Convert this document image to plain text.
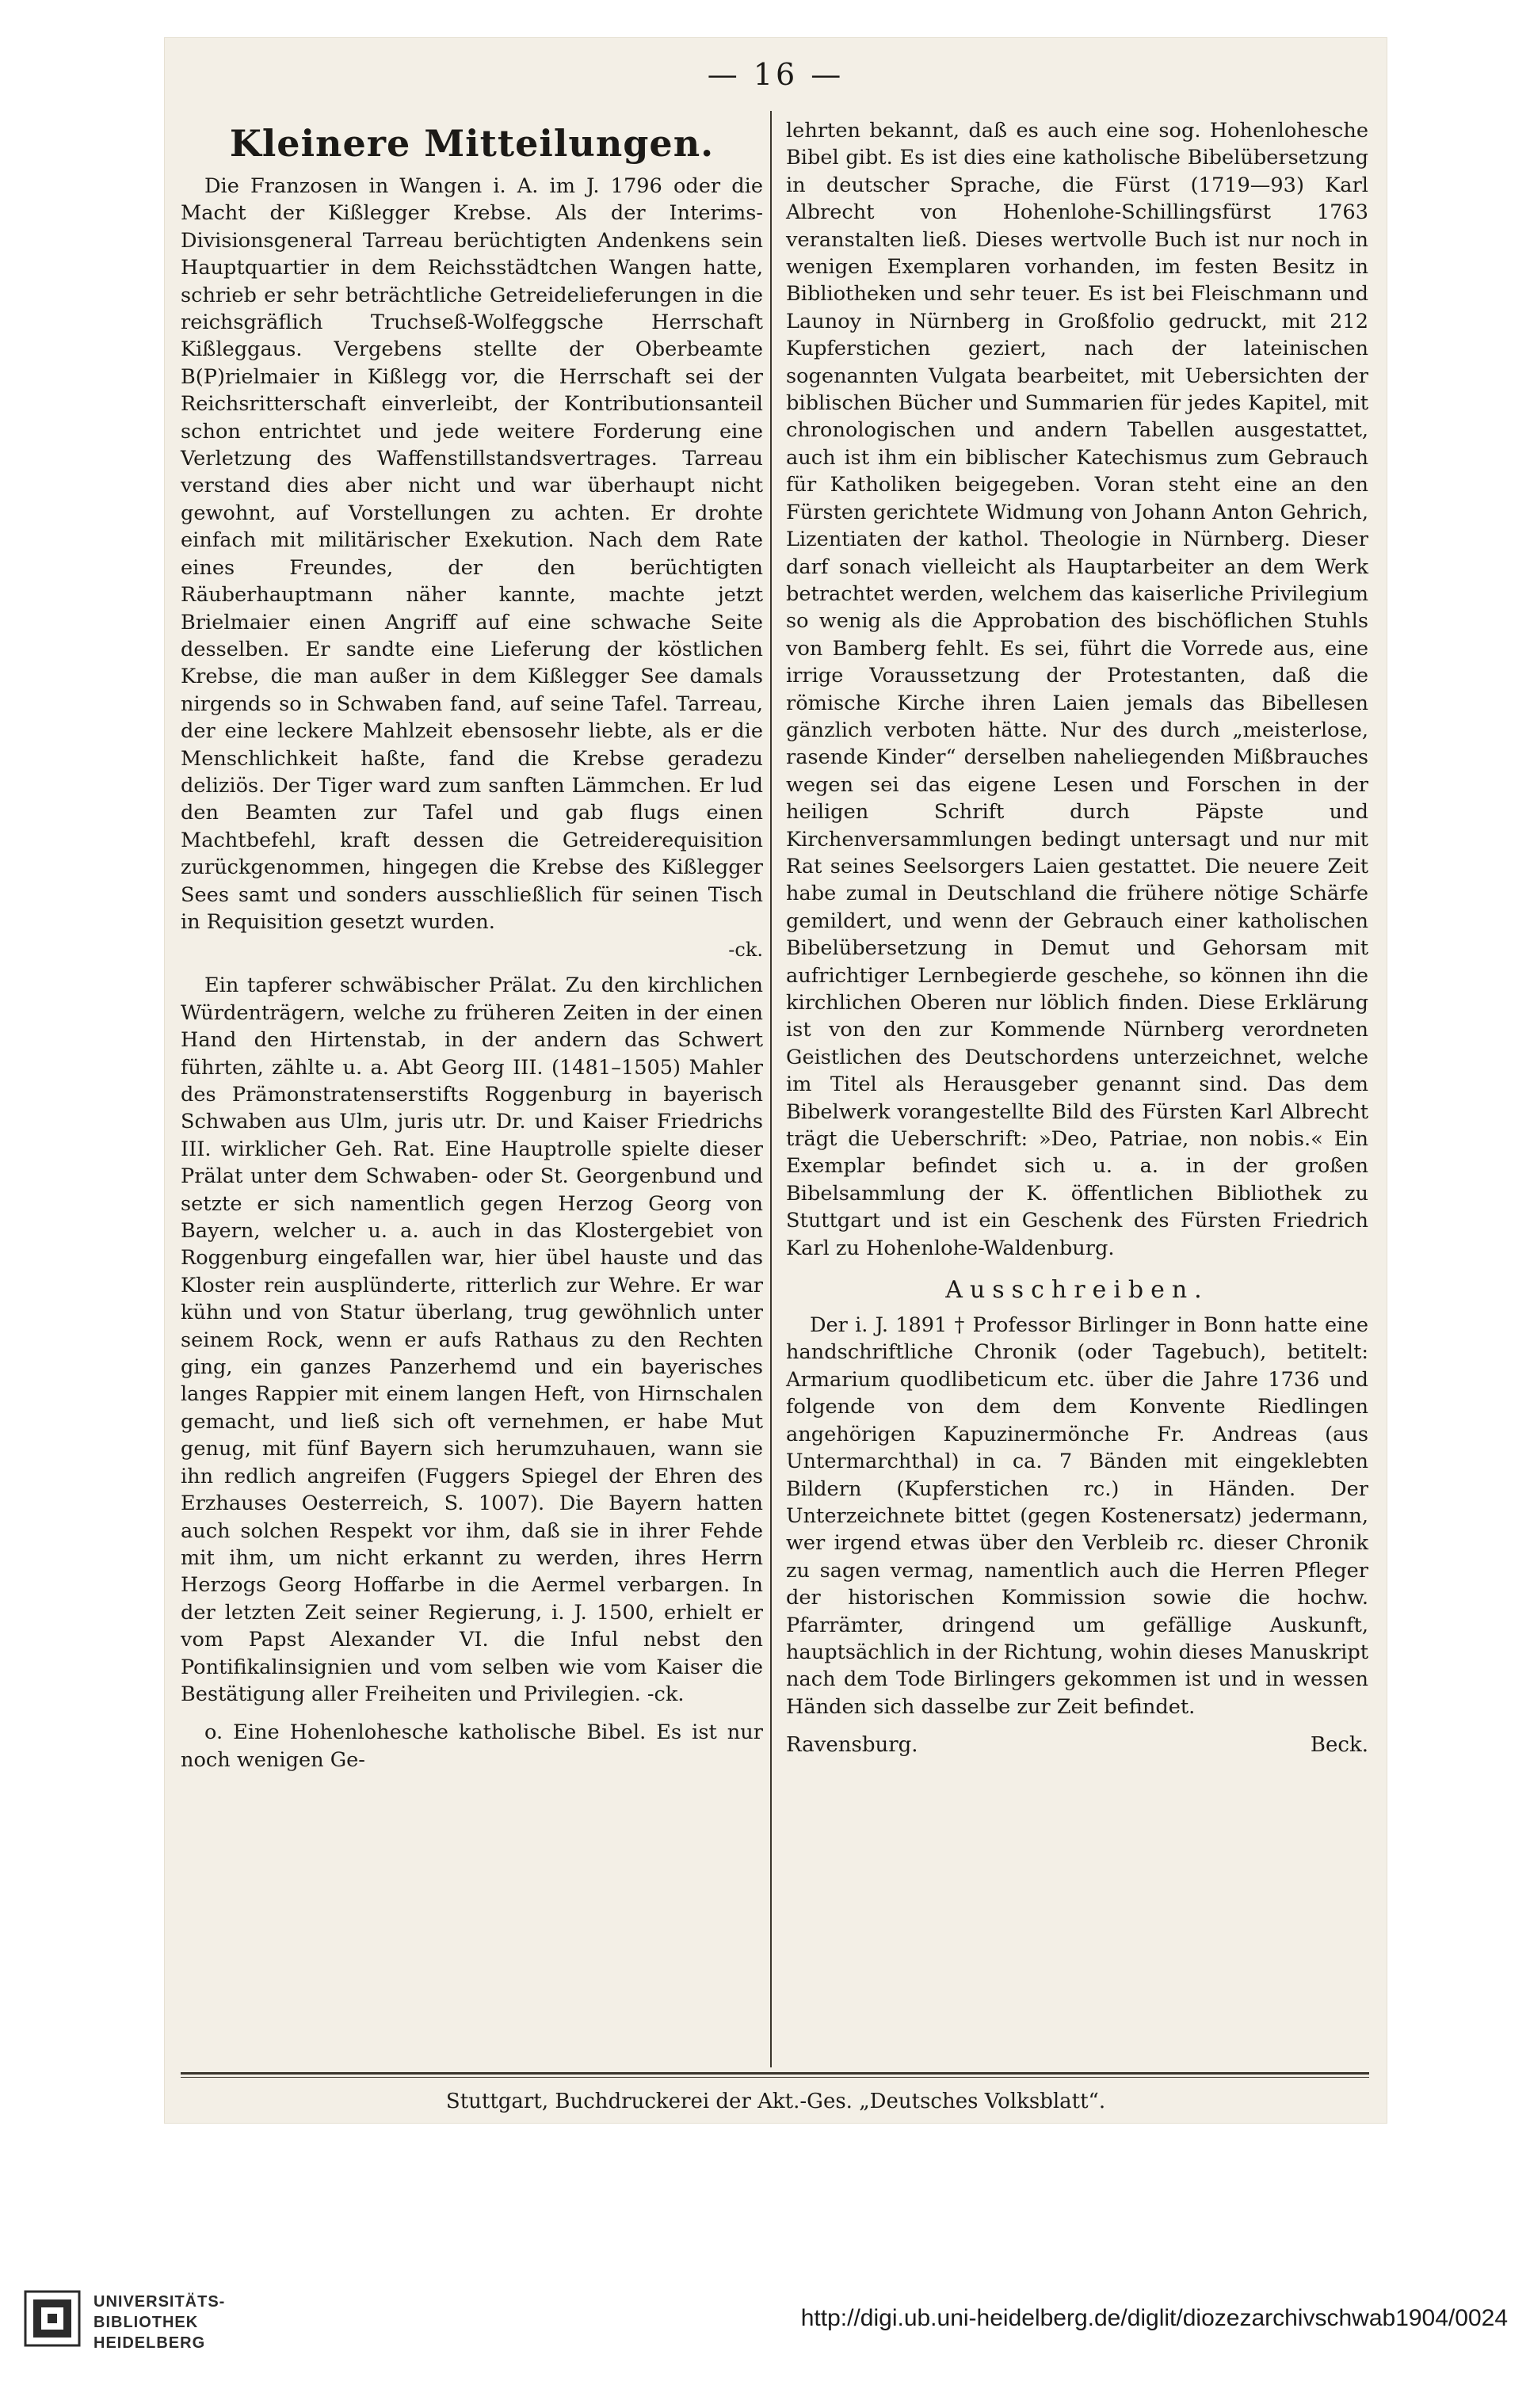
— 16 —
Kleinere Mitteilungen.

Die Franzosen in Wangen i. A. im J. 1796 oder die Macht der Kißlegger Krebse. Als der Interims-Divisionsgeneral Tarreau berüchtigten Andenkens sein Hauptquartier in dem Reichsstädtchen Wangen hatte, schrieb er sehr beträchtliche Getreidelieferungen in die reichsgräflich Truchseß-Wolfeggsche Herrschaft Kißleggaus. Vergebens stellte der Oberbeamte B(P)rielmaier in Kißlegg vor, die Herrschaft sei der Reichsritterschaft einverleibt, der Kontributionsanteil schon entrichtet und jede weitere Forderung eine Verletzung des Waffenstillstandsvertrages. Tarreau verstand dies aber nicht und war überhaupt nicht gewohnt, auf Vorstellungen zu achten. Er drohte einfach mit militärischer Exekution. Nach dem Rate eines Freundes, der den berüchtigten Räuberhauptmann näher kannte, machte jetzt Brielmaier einen Angriff auf eine schwache Seite desselben. Er sandte eine Lieferung der köstlichen Krebse, die man außer in dem Kißlegger See damals nirgends so in Schwaben fand, auf seine Tafel. Tarreau, der eine leckere Mahlzeit ebensosehr liebte, als er die Menschlichkeit haßte, fand die Krebse geradezu deliziös. Der Tiger ward zum sanften Lämmchen. Er lud den Beamten zur Tafel und gab flugs einen Machtbefehl, kraft dessen die Getreiderequisition zurückgenommen, hingegen die Krebse des Kißlegger Sees samt und sonders ausschließlich für seinen Tisch in Requisition gesetzt wurden.

-ck.

Ein tapferer schwäbischer Prälat. Zu den kirchlichen Würdenträgern, welche zu früheren Zeiten in der einen Hand den Hirtenstab, in der andern das Schwert führten, zählte u. a. Abt Georg III. (1481–1505) Mahler des Prämonstratenserstifts Roggenburg in bayerisch Schwaben aus Ulm, juris utr. Dr. und Kaiser Friedrichs III. wirklicher Geh. Rat. Eine Hauptrolle spielte dieser Prälat unter dem Schwaben- oder St. Georgenbund und setzte er sich namentlich gegen Herzog Georg von Bayern, welcher u. a. auch in das Klostergebiet von Roggenburg eingefallen war, hier übel hauste und das Kloster rein ausplünderte, ritterlich zur Wehre. Er war kühn und von Statur überlang, trug gewöhnlich unter seinem Rock, wenn er aufs Rathaus zu den Rechten ging, ein ganzes Panzerhemd und ein bayerisches langes Rappier mit einem langen Heft, von Hirnschalen gemacht, und ließ sich oft vernehmen, er habe Mut genug, mit fünf Bayern sich herumzuhauen, wann sie ihn redlich angreifen (Fuggers Spiegel der Ehren des Erzhauses Oesterreich, S. 1007). Die Bayern hatten auch solchen Respekt vor ihm, daß sie in ihrer Fehde mit ihm, um nicht erkannt zu werden, ihres Herrn Herzogs Georg Hoffarbe in die Aermel verbargen. In der letzten Zeit seiner Regierung, i. J. 1500, erhielt er vom Papst Alexander VI. die Inful nebst den Pontifikalinsignien und vom selben wie vom Kaiser die Bestätigung aller Freiheiten und Privilegien. -ck.

o. Eine Hohenlohesche katholische Bibel. Es ist nur noch wenigen Ge-

lehrten bekannt, daß es auch eine sog. Hohenlohesche Bibel gibt. Es ist dies eine katholische Bibelübersetzung in deutscher Sprache, die Fürst (1719—93) Karl Albrecht von Hohenlohe-Schillingsfürst 1763 veranstalten ließ. Dieses wertvolle Buch ist nur noch in wenigen Exemplaren vorhanden, im festen Besitz in Bibliotheken und sehr teuer. Es ist bei Fleischmann und Launoy in Nürnberg in Großfolio gedruckt, mit 212 Kupferstichen geziert, nach der lateinischen sogenannten Vulgata bearbeitet, mit Uebersichten der biblischen Bücher und Summarien für jedes Kapitel, mit chronologischen und andern Tabellen ausgestattet, auch ist ihm ein biblischer Katechismus zum Gebrauch für Katholiken beigegeben. Voran steht eine an den Fürsten gerichtete Widmung von Johann Anton Gehrich, Lizentiaten der kathol. Theologie in Nürnberg. Dieser darf sonach vielleicht als Hauptarbeiter an dem Werk betrachtet werden, welchem das kaiserliche Privilegium so wenig als die Approbation des bischöflichen Stuhls von Bamberg fehlt. Es sei, führt die Vorrede aus, eine irrige Voraussetzung der Protestanten, daß die römische Kirche ihren Laien jemals das Bibellesen gänzlich verboten hätte. Nur des durch „meisterlose, rasende Kinder“ derselben naheliegenden Mißbrauches wegen sei das eigene Lesen und Forschen in der heiligen Schrift durch Päpste und Kirchenversammlungen bedingt untersagt und nur mit Rat seines Seelsorgers Laien gestattet. Die neuere Zeit habe zumal in Deutschland die frühere nötige Schärfe gemildert, und wenn der Gebrauch einer katholischen Bibelübersetzung in Demut und Gehorsam mit aufrichtiger Lernbegierde geschehe, so können ihn die kirchlichen Oberen nur löblich finden. Diese Erklärung ist von den zur Kommende Nürnberg verordneten Geistlichen des Deutschordens unterzeichnet, welche im Titel als Herausgeber genannt sind. Das dem Bibelwerk vorangestellte Bild des Fürsten Karl Albrecht trägt die Ueberschrift: »Deo, Patriae, non nobis.« Ein Exemplar befindet sich u. a. in der großen Bibelsammlung der K. öffentlichen Bibliothek zu Stuttgart und ist ein Geschenk des Fürsten Friedrich Karl zu Hohenlohe-Waldenburg.

Ausschreiben.

Der i. J. 1891 † Professor Birlinger in Bonn hatte eine handschriftliche Chronik (oder Tagebuch), betitelt: Armarium quodlibeticum etc. über die Jahre 1736 und folgende von dem dem Konvente Riedlingen angehörigen Kapuzinermönche Fr. Andreas (aus Untermarchthal) in ca. 7 Bänden mit eingeklebten Bildern (Kupferstichen rc.) in Händen. Der Unterzeichnete bittet (gegen Kostenersatz) jedermann, wer irgend etwas über den Verbleib rc. dieser Chronik zu sagen vermag, namentlich auch die Herren Pfleger der historischen Kommission sowie die hochw. Pfarrämter, dringend um gefällige Auskunft, hauptsächlich in der Richtung, wohin dieses Manuskript nach dem Tode Birlingers gekommen ist und in wessen Händen sich dasselbe zur Zeit befindet.

Ravensburg.	Beck.
Stuttgart, Buchdruckerei der Akt.-Ges. „Deutsches Volksblatt“.
UNIVERSITÄTS-
BIBLIOTHEK
HEIDELBERG
http://digi.ub.uni-heidelberg.de/diglit/diozezarchivschwab1904/0024
